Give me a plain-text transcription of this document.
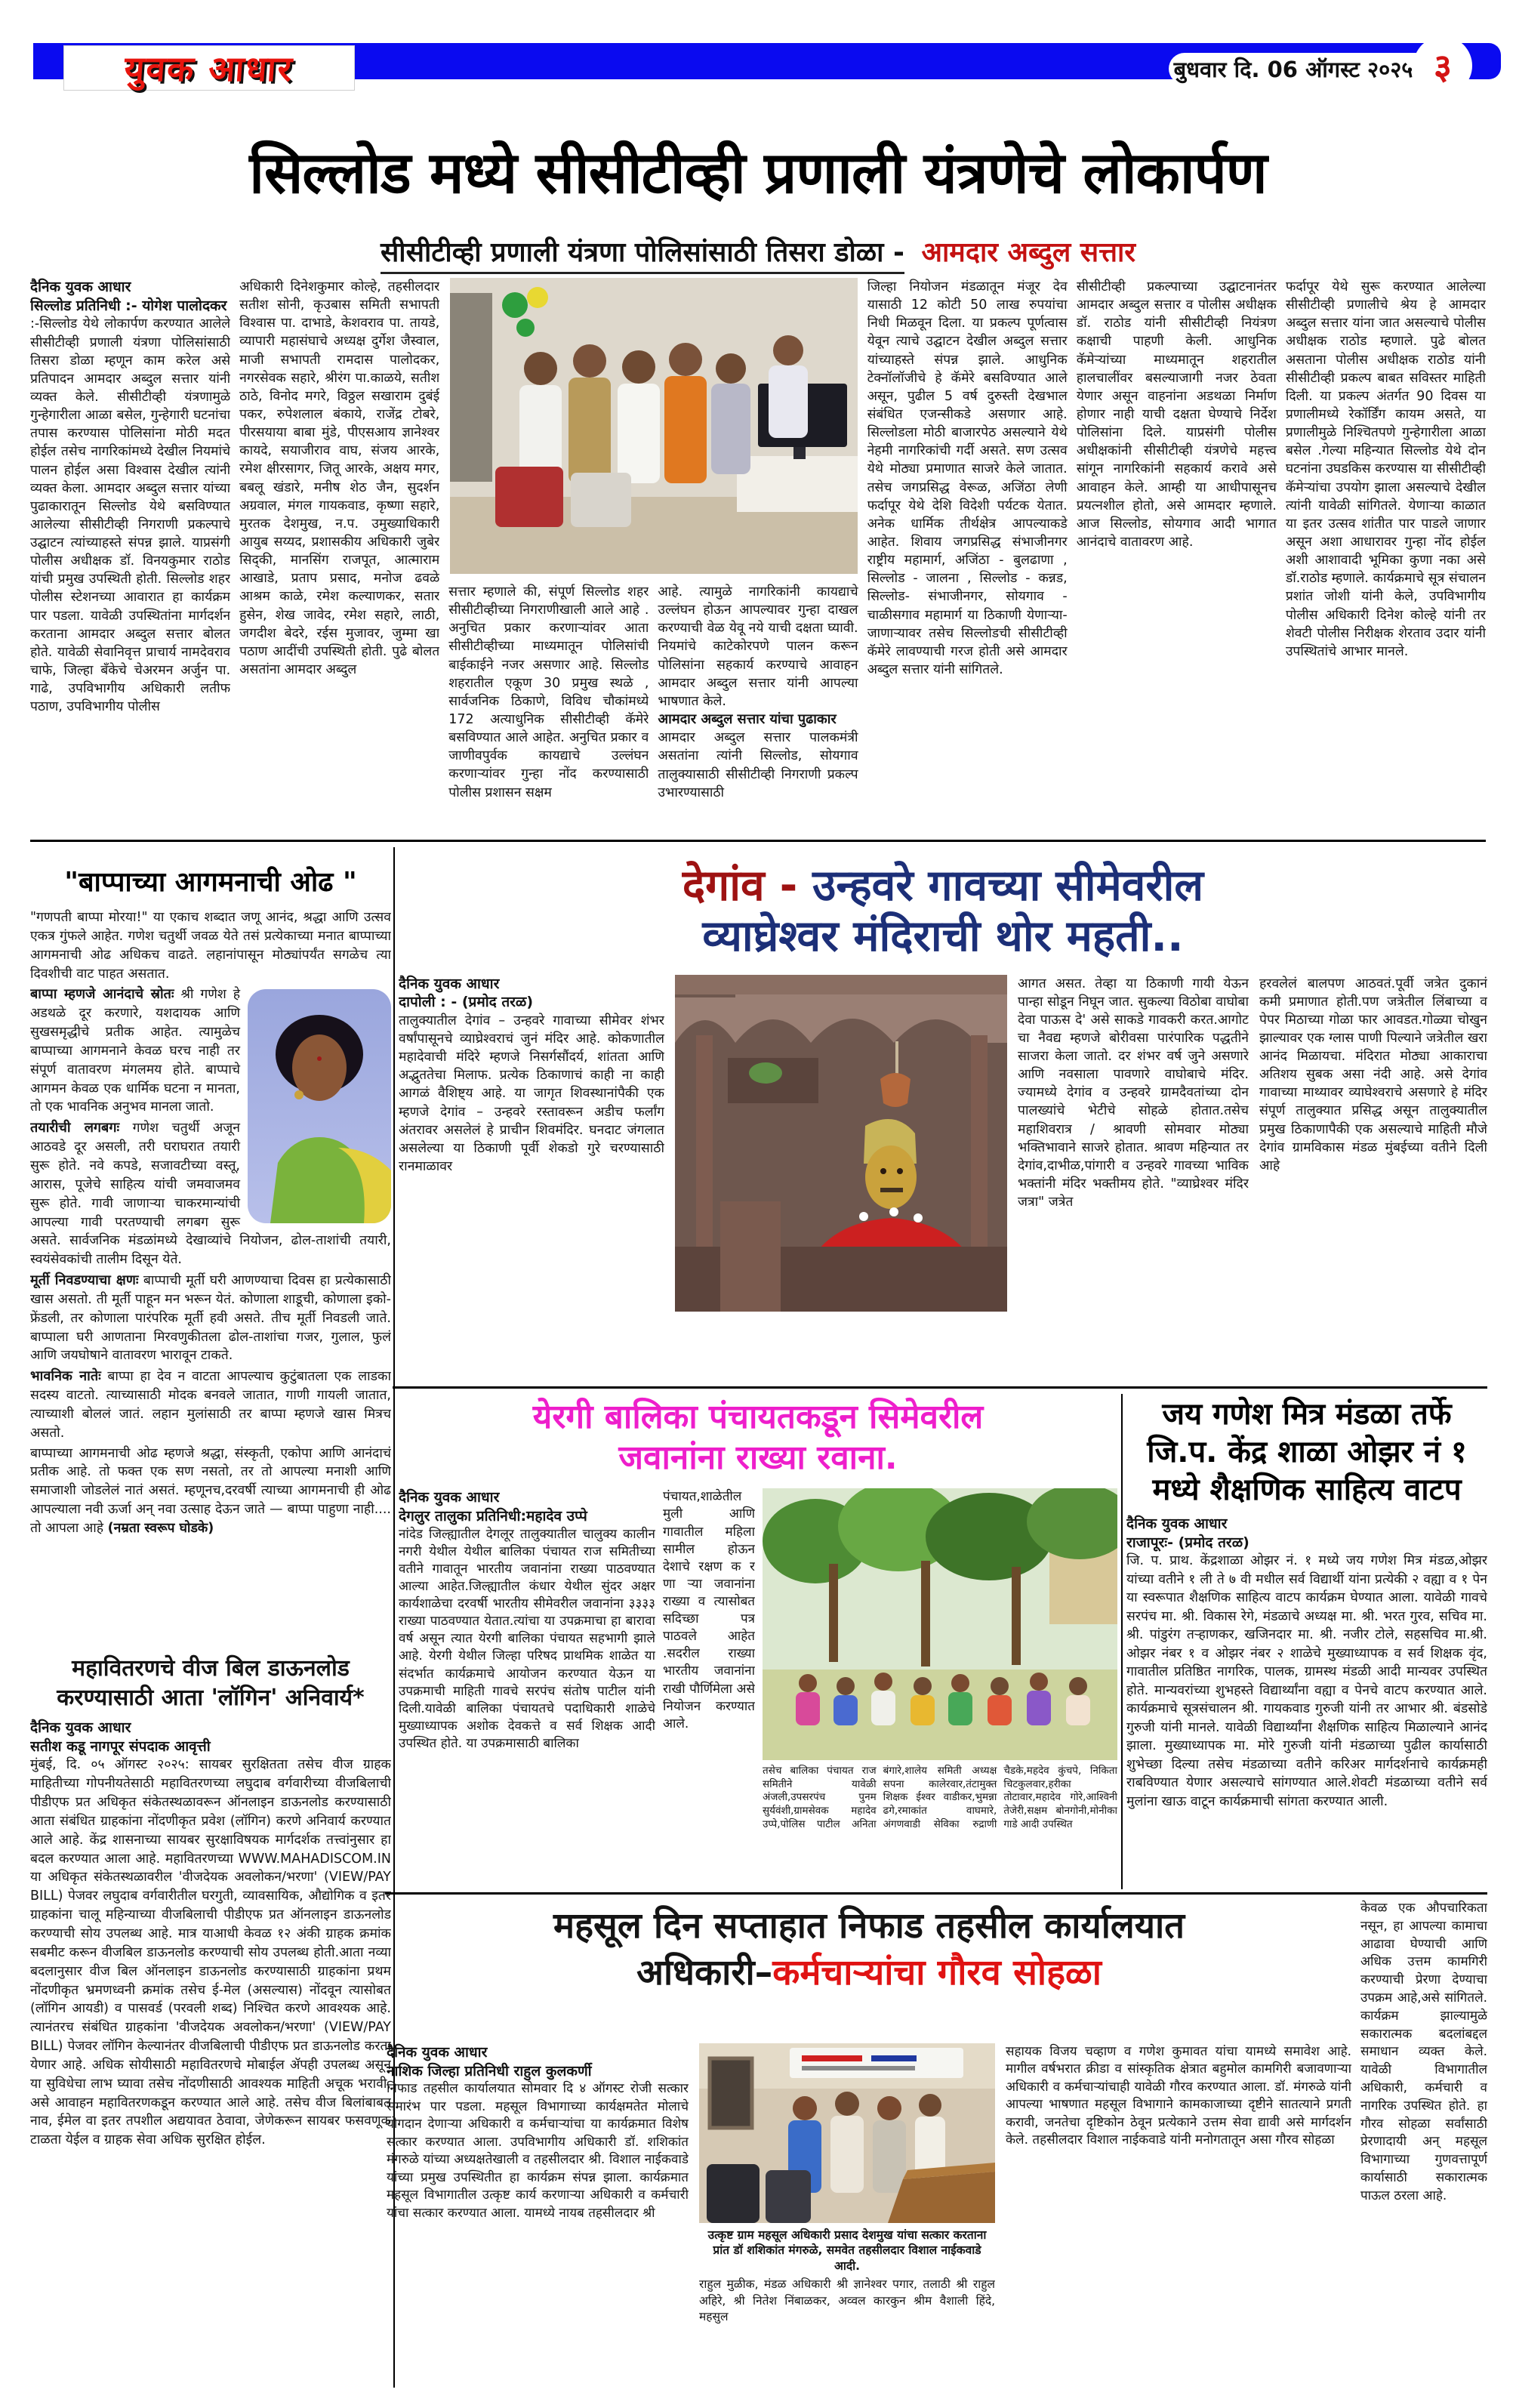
युवक आधार	बुधवार दि. 06 ऑगस्ट २०२५ ३
सिल्लोड मध्ये सीसीटीव्ही प्रणाली यंत्रणेचे लोकार्पण
सीसीटीव्ही प्रणाली यंत्रणा पोलिसांसाठी तिसरा डोळा - आमदार अब्दुल सत्तार
दैनिक युवक आधार
सिल्लोड प्रतिनिधी :- योगेश पालोदकर
:-सिल्लोड येथे लोकार्पण करण्यात आलेले सीसीटीव्ही प्रणाली यंत्रणा पोलिसांसाठी तिसरा डोळा म्हणून काम करेल असे प्रतिपादन आमदार अब्दुल सत्तार यांनी व्यक्त केले. सीसीटीव्ही यंत्रणामुळे गुन्हेगारीला आळा बसेल, गुन्हेगारी घटनांचा तपास करण्यास पोलिसांना मोठी मदत होईल तसेच नागरिकांमध्ये देखील नियमांचे पालन होईल असा विश्वास देखील त्यांनी व्यक्त केला. आमदार अब्दुल सत्तार यांच्या पुढाकारातून सिल्लोड येथे बसविण्यात आलेल्या सीसीटीव्ही निगराणी प्रकल्पाचे उद्घाटन त्यांच्याहस्ते संपन्न झाले. याप्रसंगी पोलीस अधीक्षक डॉ. विनयकुमार राठोड यांची प्रमुख उपस्थिती होती. सिल्लोड शहर पोलीस स्टेशनच्या आवारात हा कार्यक्रम पार पडला. यावेळी उपस्थितांना मार्गदर्शन करताना आमदार अब्दुल सत्तार बोलत होते. यावेळी सेवानिवृत्त प्राचार्य नामदेवराव चाफे, जिल्हा बँकेचे चेअरमन अर्जुन पा. गाढे, उपविभागीय अधिकारी लतीफ पठाण, उपविभागीय पोलीस
अधिकारी दिनेशकुमार कोल्हे, तहसीलदार सतीश सोनी, कृउबास समिती सभापती विश्वास पा. दाभाडे, केशवराव पा. तायडे, व्यापारी महासंघाचे अध्यक्ष दुर्गेश जैस्वाल, माजी सभापती रामदास पालोदकर, नगरसेवक सहारे, श्रीरंग पा.काळये, सतीश ठाठे, विनोद मगरे, विठ्ठल सखाराम दुबंई पकर, रुपेशलाल बंकाये, राजेंद्र टोबरे, पीरसयाया बाबा मुंडे, पीएसआय ज्ञानेश्वर कायदे, सयाजीराव वाघ, संजय आरके, रमेश क्षीरसागर, जितू आरके, अक्षय मगर, बबलू खंडारे, मनीष शेठ जैन, सुदर्शन अग्रवाल, मंगल गायकवाड, कृष्णा सहारे, मुरतक देशमुख, न.प. उमुख्याधिकारी आयुब सय्यद, प्रशासकीय अधिकारी जुबेर सिद्की, मानसिंग राजपूत, आत्माराम आखाडे, प्रताप प्रसाद, मनोज ढवळे आश्रम काळे, रमेश कल्याणकर, सतार हुसेन, शेख जावेद, रमेश सहारे, लाठी, जगदीश बेदरे, रईस मुजावर, जुम्मा खा पठाण आदींची उपस्थिती होती. पुढे बोलत असतांना आमदार अब्दुल
सत्तार म्हणाले की, संपूर्ण सिल्लोड शहर सीसीटीव्हीच्या निगराणीखाली आले आहे . अनुचित प्रकार करणाऱ्यांवर आता सीसीटीव्हीच्या माध्यमातून पोलिसांची बाईकाईने नजर असणार आहे. सिल्लोड शहरातील एकूण 30 प्रमुख स्थळे , सार्वजनिक ठिकाणे, विविध चौकांमध्ये 172 अत्याधुनिक सीसीटीव्ही कॅमेरे बसविण्यात आले आहेत. अनुचित प्रकार व जाणीवपुर्वक कायद्याचे उल्लंघन करणाऱ्यांवर गुन्हा नोंद करण्यासाठी पोलीस प्रशासन सक्षम
आहे. त्यामुळे नागरिकांनी कायद्याचे उल्लंघन होऊन आपल्यावर गुन्हा दाखल करण्याची वेळ येवू नये याची दक्षता घ्यावी. नियमांचे काटेकोरपणे पालन करून पोलिसांना सहकार्य करण्याचे आवाहन आमदार अब्दुल सत्तार यांनी आपल्या भाषणात केले.
आमदार अब्दुल सत्तार यांचा पुढाकार
आमदार अब्दुल सत्तार पालकमंत्री असतांना त्यांनी सिल्लोड, सोयगाव तालुक्यासाठी सीसीटीव्ही निगराणी प्रकल्प उभारण्यासाठी
जिल्हा नियोजन मंडळातून मंजूर देव यासाठी 12 कोटी 50 लाख रुपयांचा निधी मिळवून दिला. या प्रकल्प पूर्णत्वास येवून त्याचे उद्घाटन देखील अब्दुल सत्तार यांच्याहस्ते संपन्न झाले. आधुनिक टेक्नॉलॉजीचे हे कॅमेरे बसविण्यात आले असून, पुढील 5 वर्ष दुरुस्ती देखभाल संबंधित एजन्सीकडे असणार आहे. सिल्लोडला मोठी बाजारपेठ असल्याने येथे नेहमी नागरिकांची गर्दी असते. सण उत्सव येथे मोठ्या प्रमाणात साजरे केले जातात. तसेच जगप्रसिद्ध वेरूळ, अजिंठा लेणी फर्दापूर येथे देशि विदेशी पर्यटक येतात. अनेक धार्मिक तीर्थक्षेत्र आपल्याकडे आहेत. शिवाय जगप्रसिद्ध संभाजीनगर राष्ट्रीय महामार्ग, अजिंठा - बुलढाणा , सिल्लोड - जालना , सिल्लोड - कन्नड, सिल्लोड- संभाजीनगर, सोयगाव - चाळीसगाव महामार्ग या ठिकाणी येणाऱ्या-जाणाऱ्यावर तसेच सिल्लोडची सीसीटीव्ही कॅमेरे लावण्याची गरज होती असे आमदार अब्दुल सत्तार यांनी सांगितले.
सीसीटीव्ही प्रकल्पाच्या उद्घाटनानंतर आमदार अब्दुल सत्तार व पोलीस अधीक्षक डॉ. राठोड यांनी सीसीटीव्ही नियंत्रण कक्षाची पाहणी केली. आधुनिक कॅमेऱ्यांच्या माध्यमातून शहरातील हालचालींवर बसल्याजागी नजर ठेवता येणार असून वाहनांना अडथळा निर्माण होणार नाही याची दक्षता घेण्याचे निर्देश पोलिसांना दिले. याप्रसंगी पोलीस अधीक्षकांनी सीसीटीव्ही यंत्रणेचे महत्त्व सांगून नागरिकांनी सहकार्य करावे असे आवाहन केले. आम्ही या आधीपासूनच प्रयत्नशील होतो, असे आमदार म्हणाले. आज सिल्लोड, सोयगाव आदी भागात आनंदाचे वातावरण आहे.
फर्दापूर येथे सुरू करण्यात आलेल्या सीसीटीव्ही प्रणालीचे श्रेय हे आमदार अब्दुल सत्तार यांना जात असल्याचे पोलीस अधीक्षक राठोड म्हणाले. पुढे बोलत असताना पोलीस अधीक्षक राठोड यांनी सीसीटीव्ही प्रकल्प बाबत सविस्तर माहिती दिली. या प्रकल्प अंतर्गत 90 दिवस या प्रणालीमध्ये रेकॉर्डिंग कायम असते, या प्रणालीमुळे निश्चितपणे गुन्हेगारीला आळा बसेल .गेल्या महिन्यात सिल्लोड येथे दोन घटनांना उघडकिस करण्यास या सीसीटीव्ही कॅमेऱ्यांचा उपयोग झाला असल्याचे देखील त्यांनी यावेळी सांगितले. येणाऱ्या काळात या इतर उत्सव शांतीत पार पाडले जाणार असून अशा आधारावर गुन्हा नोंद होईल अशी आशावादी भूमिका कुणा नका असे डॉ.राठोड म्हणाले. कार्यक्रमाचे सूत्र संचालन प्रशांत जोशी यांनी केले, उपविभागीय पोलीस अधिकारी दिनेश कोल्हे यांनी तर शेवटी पोलीस निरीक्षक शेरताव उदार यांनी उपस्थितांचे आभार मानले.
"बाप्पाच्या आगमनाची ओढ "

"गणपती बाप्पा मोरया!" या एकाच शब्दात जणू आनंद, श्रद्धा आणि उत्सव एकत्र गुंफले आहेत. गणेश चतुर्थी जवळ येते तसं प्रत्येकाच्या मनात बाप्पाच्या आगमनाची ओढ अधिकच वाढते. लहानांपासून मोठ्यांपर्यंत सगळेच त्या दिवशीची वाट पाहत असतात.

बाप्पा म्हणजे आनंदाचे स्रोतः श्री गणेश हे अडथळे दूर करणारे, यशदायक आणि सुखसमृद्धीचे प्रतीक आहेत. त्यामुळेच बाप्पाच्या आगमनाने केवळ घरच नाही तर संपूर्ण वातावरण मंगलमय होते. बाप्पाचे आगमन केवळ एक धार्मिक घटना न मानता, तो एक भावनिक अनुभव मानला जातो.

तयारीची लगबगः गणेश चतुर्थी अजून आठवडे दूर असली, तरी घराघरात तयारी सुरू होते. नवे कपडे, सजावटीच्या वस्तू, आरास, पूजेचे साहित्य यांची जमवाजमव सुरू होते. गावी जाणाऱ्या चाकरमान्यांची आपल्या गावी परतण्याची लगबग सुरू असते. सार्वजनिक मंडळांमध्ये देखाव्यांचे नियोजन, ढोल-ताशांची तयारी, स्वयंसेवकांची तालीम दिसून येते.

मूर्ती निवडण्याचा क्षणः बाप्पाची मूर्ती घरी आणण्याचा दिवस हा प्रत्येकासाठी खास असतो. ती मूर्ती पाहून मन भरून येतं. कोणाला शाडूची, कोणाला इको-फ्रेंडली, तर कोणाला पारंपरिक मूर्ती हवी असते. तीच मूर्ती निवडली जाते. बाप्पाला घरी आणताना मिरवणुकीतला ढोल-ताशांचा गजर, गुलाल, फुलं आणि जयघोषाने वातावरण भारावून टाकते.

भावनिक नातेः बाप्पा हा देव न वाटता आपल्याच कुटुंबातला एक लाडका सदस्य वाटतो. त्याच्यासाठी मोदक बनवले जातात, गाणी गायली जातात, त्याच्याशी बोललं जातं. लहान मुलांसाठी तर बाप्पा म्हणजे खास मित्रच असतो.

बाप्पाच्या आगमनाची ओढ म्हणजे श्रद्धा, संस्कृती, एकोपा आणि आनंदाचं प्रतीक आहे. तो फक्त एक सण नसतो, तर तो आपल्या मनाशी आणि समाजाशी जोडलेलं नातं असतं. म्हणूनच,दरवर्षी त्याच्या आगमनाची ही ओढ आपल्याला नवी ऊर्जा अन् नवा उत्साह देऊन जाते — बाप्पा पाहुणा नाही.... तो आपला आहे (नम्रता स्वरूप घोडके)

महावितरणचे वीज बिल डाऊनलोड करण्यासाठी आता 'लॉगिन' अनिवार्य*
दैनिक युवक आधार
सतीश कडू नागपूर संपदाक आवृत्ती
मुंबई, दि. ०५ ऑगस्ट २०२५: सायबर सुरक्षितता तसेच वीज ग्राहक माहितीच्या गोपनीयतेसाठी महावितरणच्या लघुदाब वर्गवारीच्या वीजबिलाची पीडीएफ प्रत अधिकृत संकेतस्थळावरून ऑनलाइन डाऊनलोड करण्यासाठी आता संबंधित ग्राहकांना नोंदणीकृत प्रवेश (लॉगिन) करणे अनिवार्य करण्यात आले आहे. केंद्र शासनाच्या सायबर सुरक्षाविषयक मार्गदर्शक तत्त्वांनुसार हा बदल करण्यात आला आहे. महावितरणच्या WWW.MAHADISCOM.IN या अधिकृत संकेतस्थळावरील 'वीजदेयक अवलोकन/भरणा' (VIEW/PAY BILL) पेजवर लघुदाब वर्गवारीतील घरगुती, व्यावसायिक, औद्योगिक व इतर ग्राहकांना चालू महिन्याच्या वीजबिलाची पीडीएफ प्रत ऑनलाइन डाऊनलोड करण्याची सोय उपलब्ध आहे. मात्र याआधी केवळ १२ अंकी ग्राहक क्रमांक सबमीट करून वीजबिल डाऊनलोड करण्याची सोय उपलब्ध होती.आता नव्या बदलानुसार वीज बिल ऑनलाइन डाऊनलोड करण्यासाठी ग्राहकांना प्रथम नोंदणीकृत भ्रमणध्वनी क्रमांक तसेच ई-मेल (असल्यास) नोंदवून त्यासोबत (लॉगिन आयडी) व पासवर्ड (परवली शब्द) निश्चित करणे आवश्यक आहे. त्यानंतरच संबंधित ग्राहकांना 'वीजदेयक अवलोकन/भरणा' (VIEW/PAY BILL) पेजवर लॉगिन केल्यानंतर वीजबिलाची पीडीएफ प्रत डाऊनलोड करता येणार आहे. अधिक सोयीसाठी महावितरणचे मोबाईल ॲपही उपलब्ध असून या सुविधेचा लाभ घ्यावा तसेच नोंदणीसाठी आवश्यक माहिती अचूक भरावी, असे आवाहन महावितरणकडून करण्यात आले आहे. तसेच वीज बिलांबाबत नाव, ईमेल वा इतर तपशील अद्ययावत ठेवावा, जेणेकरून सायबर फसवणूक टाळता येईल व ग्राहक सेवा अधिक सुरक्षित होईल.
देगांव - उन्हवरे गावच्या सीमेवरील
व्याघ्रेश्वर मंदिराची थोर महती..
दैनिक युवक आधार
दापोली : - (प्रमोद तरळ)
तालुक्यातील देगांव – उन्हवरे गावाच्या सीमेवर शंभर वर्षांपासूनचे व्याघ्रेश्वराचं जुनं मंदिर आहे. कोकणातील महादेवाची मंदिरे म्हणजे निसर्गसौंदर्य, शांतता आणि अद्भुततेचा मिलाफ. प्रत्येक ठिकाणाचं काही ना काही आगळं वैशिष्ट्य आहे. या जागृत शिवस्थानांपैकी एक म्हणजे देगांव – उन्हवरे रस्तावरून अडीच फर्लांग अंतरावर असलेलं हे प्राचीन शिवमंदिर. घनदाट जंगलात असलेल्या या ठिकाणी पूर्वी शेकडो गुरे चरण्यासाठी रानमाळावर
आगत असत. तेव्हा या ठिकाणी गायी येऊन पान्हा सोडून निघून जात. सुकल्या विठोबा वाघोबा देवा पाऊस दे' असे साकडे गावकरी करत.आगोट चा नैवद्य म्हणजे बोरीवसा पारंपारिक पद्धतीने साजरा केला जातो. दर शंभर वर्ष जुने असणारे आणि नवसाला पावणारे वाघोबाचे मंदिर. ज्यामध्ये देगांव व उन्हवरे ग्रामदैवतांच्या दोन पालख्यांचे भेटीचे सोहळे होतात.तसेच महाशिवरात्र / श्रावणी सोमवार मोठ्या भक्तिभावाने साजरे होतात. श्रावण महिन्यात तर देगांव,दाभीळ,पांगारी व उन्हवरे गावच्या भाविक भक्तांनी मंदिर भक्तीमय होते. "व्याघ्रेश्वर मंदिर जत्रा" जत्रेत
हरवलेलं बालपण आठवतं.पूर्वी जत्रेत दुकानं कमी प्रमाणात होती.पण जत्रेतील लिंबाच्या व पेपर मिठाच्या गोळा फार आवडत.गोळ्या चोखुन झाल्यावर एक ग्लास पाणी पिल्याने जत्रेतील खरा आनंद मिळायचा. मंदिरात मोठ्या आकाराचा अतिशय सुबक असा नंदी आहे. असे देगांव गावाच्या माथ्यावर व्याघेश्वराचे असणारे हे मंदिर संपूर्ण तालुक्यात प्रसिद्ध असून तालुक्यातील प्रमुख ठिकाणापैकी एक असल्याचे माहिती मौजे देगांव ग्रामविकास मंडळ मुंबईच्या वतीने दिली आहे
येरगी बालिका पंचायतकडून सिमेवरील
जवानांना राख्या रवाना.
दैनिक युवक आधार
देगलुर तालुका प्रतिनिधी:महादेव उप्पे
नांदेड जिल्ह्यातील देगलूर तालुक्यातील चालुक्य कालीन नगरी येथील येथील बालिका पंचायत राज समितीच्या वतीने गावातून भारतीय जवानांना राख्या पाठवण्यात आल्या आहेत.जिल्ह्यातील कंधार येथील सुंदर अक्षर कार्यशाळेचा दरवर्षी भारतीय सीमेवरील जवानांना ३३३३ राख्या पाठवण्यात येतात.त्यांचा या उपक्रमाचा हा बारावा वर्ष असून त्यात येरगी बालिका पंचायत सहभागी झाले आहे. येरगी येथील जिल्हा परिषद प्राथमिक शाळेत या संदर्भात कार्यक्रमाचे आयोजन करण्यात येऊन या उपक्रमाची माहिती गावचे सरपंच संतोष पाटील यांनी दिली.यावेळी बालिका पंचायतचे पदाधिकारी शाळेचे मुख्याध्यापक अशोक देवकत्ते व सर्व शिक्षक आदी उपस्थित होते. या उपक्रमासाठी बालिका
पंचायत,शाळेतील मुली आणि गावातील महिला सामील होऊन देशाचे रक्षण क र णा ऱ्या जवानांना राख्या व त्यासोबत सदिच्छा पत्र पाठवले आहेत .सदरील राख्या भारतीय जवानांना राखी पौर्णिमेला असे नियोजन करण्यात आले.
तसेच बालिका पंचायत राज समितीने यावेळी अंजली,उपसरपंच पुनम सुर्यवंशी,ग्रामसेवक महादेव उप्पे,पोलिस पाटील अनिता बंगारे,शालेय समिती अध्यक्ष सपना कालेरवार,तंटामुक्त शिक्षक ईश्वर वाडीकर,भुमन्ना ढगे,रमाकांत वाघमारे, अंगणवाडी सेविका रुद्राणी चैडके,महदेव कुंचपे, निकिता चिटकुलवार,हरीका तोटावार,महादेव गोरे,आश्विनी तेजेरी,सक्षम बोनगोनी,मोनीका गाडे आदी उपस्थित
जय गणेश मित्र मंडळा तर्फे जि.प. केंद्र शाळा ओझर नं १ मध्ये शैक्षणिक साहित्य वाटप
दैनिक युवक आधार
राजापूरः- (प्रमोद तरळ)
जि. प. प्राथ. केंद्रशाळा ओझर नं. १ मध्ये जय गणेश मित्र मंडळ,ओझर यांच्या वतीने १ ली ते ७ वी मधील सर्व विद्यार्थी यांना प्रत्येकी २ वह्या व १ पेन या स्वरूपात शैक्षणिक साहित्य वाटप कार्यक्रम घेण्यात आला. यावेळी गावचे सरपंच मा. श्री. विकास रेगे, मंडळाचे अध्यक्ष मा. श्री. भरत गुरव, सचिव मा. श्री. पांडुरंग तऱ्हाणकर, खजिनदार मा. श्री. नजीर टोले, सहसचिव मा.श्री. ओझर नंबर १ व ओझर नंबर २ शाळेचे मुख्याध्यापक व सर्व शिक्षक वृंद, गावातील प्रतिष्ठित नागरिक, पालक, ग्रामस्थ मंडळी आदी मान्यवर उपस्थित होते. मान्यवरांच्या शुभहस्ते विद्यार्थ्यांना वह्या व पेनचे वाटप करण्यात आले. कार्यक्रमाचे सूत्रसंचालन श्री. गायकवाड गुरुजी यांनी तर आभार श्री. बंडसोडे गुरुजी यांनी मानले. यावेळी विद्यार्थ्यांना शैक्षणिक साहित्य मिळाल्याने आनंद झाला. मुख्याध्यापक मा. मोरे गुरुजी यांनी मंडळाच्या पुढील कार्यासाठी शुभेच्छा दिल्या तसेच मंडळाच्या वतीने करिअर मार्गदर्शनाचे कार्यक्रमही राबविण्यात येणार असल्याचे सांगण्यात आले.शेवटी मंडळाच्या वतीने सर्व मुलांना खाऊ वाटून कार्यक्रमाची सांगता करण्यात आली.
महसूल दिन सप्ताहात निफाड तहसील कार्यालयात
अधिकारी–कर्मचाऱ्यांचा गौरव सोहळा
दैनिक युवक आधार
नाशिक जिल्हा प्रतिनिधी राहुल कुलकर्णी
निफाड तहसील कार्यालयात सोमवार दि ४ ऑगस्ट रोजी सत्कार समारंभ पार पडला. महसूल विभागाच्या कार्यक्षमतेत मोलाचे योगदान देणाऱ्या अधिकारी व कर्मचाऱ्यांचा या कार्यक्रमात विशेष सत्कार करण्यात आला. उपविभागीय अधिकारी डॉ. शशिकांत मंगरुळे यांच्या अध्यक्षतेखाली व तहसीलदार श्री. विशाल नाईकवाडे यांच्या प्रमुख उपस्थितीत हा कार्यक्रम संपन्न झाला. कार्यक्रमात महसूल विभागातील उत्कृष्ट कार्य करणाऱ्या अधिकारी व कर्मचारी यांचा सत्कार करण्यात आला. यामध्ये नायब तहसीलदार श्री
उत्कृष्ट ग्राम महसूल अधिकारी प्रसाद देशमुख यांचा सत्कार करताना प्रांत डॉ शशिकांत मंगरुळे, समवेत तहसीलदार विशाल नाईकवाडे आदी.
राहुल मुळीक, मंडळ अधिकारी श्री ज्ञानेश्वर पगार, तलाठी श्री राहुल अहिरे, श्री नितेश निंबाळकर, अव्वल कारकुन श्रीम वैशाली हिंदे, महसुल
सहायक विजय चव्हाण व गणेश कुमावत यांचा यामध्ये समावेश आहे. मागील वर्षभरात क्रीडा व सांस्कृतिक क्षेत्रात बहुमोल कामगिरी बजावणाऱ्या अधिकारी व कर्मचाऱ्यांचाही यावेळी गौरव करण्यात आला. डॉ. मंगरुळे यांनी आपल्या भाषणात महसूल विभागाने कामकाजाच्या दृष्टीने सातत्याने प्रगती करावी, जनतेचा दृष्टिकोन ठेवून प्रत्येकाने उत्तम सेवा द्यावी असे मार्गदर्शन केले. तहसीलदार विशाल नाईकवाडे यांनी मनोगतातून असा गौरव सोहळा
केवळ एक औपचारिकता नसून, हा आपल्या कामाचा आढावा घेण्याची आणि अधिक उत्तम कामगिरी करण्याची प्रेरणा देण्याचा उपक्रम आहे,असे सांगितले. कार्यक्रम झाल्यामुळे सकारात्मक बदलांबद्दल समाधान व्यक्त केले. यावेळी विभागातील अधिकारी, कर्मचारी व नागरिक उपस्थित होते. हा गौरव सोहळा सर्वांसाठी प्रेरणादायी अन् महसूल विभागाच्या गुणवत्तापूर्ण कार्यासाठी सकारात्मक पाऊल ठरला आहे.
